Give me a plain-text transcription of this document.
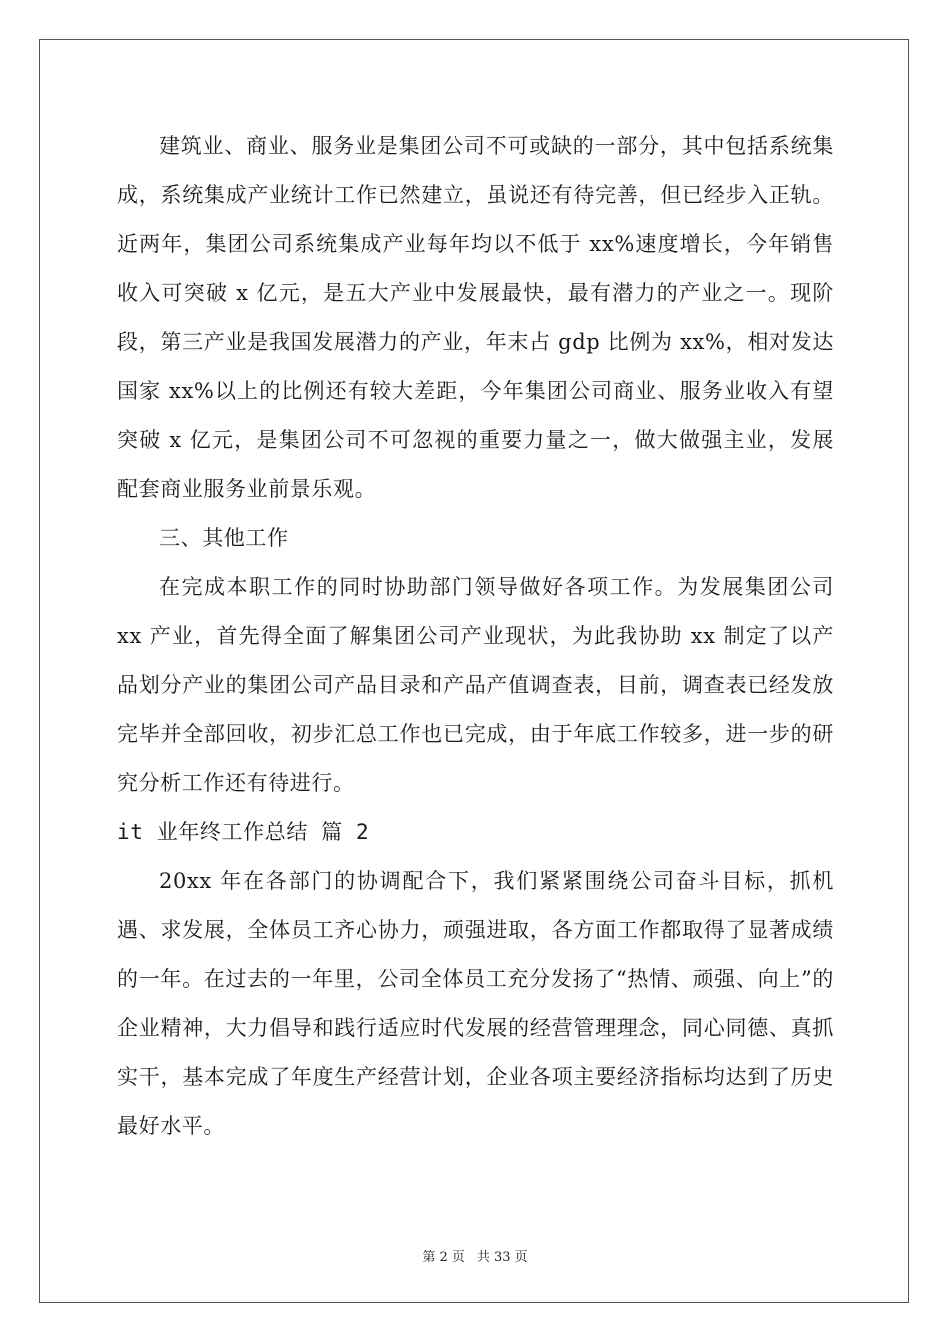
建筑业、商业、服务业是集团公司不可或缺的一部分，其中包括系统集成，系统集成产业统计工作已然建立，虽说还有待完善，但已经步入正轨。近两年，集团公司系统集成产业每年均以不低于 xx%速度增长，今年销售收入可突破 x 亿元，是五大产业中发展最快，最有潜力的产业之一。现阶段，第三产业是我国发展潜力的产业，年末占 gdp 比例为 xx%，相对发达国家 xx%以上的比例还有较大差距，今年集团公司商业、服务业收入有望突破 x 亿元，是集团公司不可忽视的重要力量之一，做大做强主业，发展配套商业服务业前景乐观。

三、其他工作

在完成本职工作的同时协助部门领导做好各项工作。为发展集团公司 xx 产业，首先得全面了解集团公司产业现状，为此我协助 xx 制定了以产品划分产业的集团公司产品目录和产品产值调查表，目前，调查表已经发放完毕并全部回收，初步汇总工作也已完成，由于年底工作较多，进一步的研究分析工作还有待进行。

it 业年终工作总结 篇 2

20xx 年在各部门的协调配合下，我们紧紧围绕公司奋斗目标，抓机遇、求发展，全体员工齐心协力，顽强进取，各方面工作都取得了显著成绩的一年。在过去的一年里，公司全体员工充分发扬了“热情、顽强、向上”的企业精神，大力倡导和践行适应时代发展的经营管理理念，同心同德、真抓实干，基本完成了年度生产经营计划，企业各项主要经济指标均达到了历史最好水平。

第 2 页 共 33 页
